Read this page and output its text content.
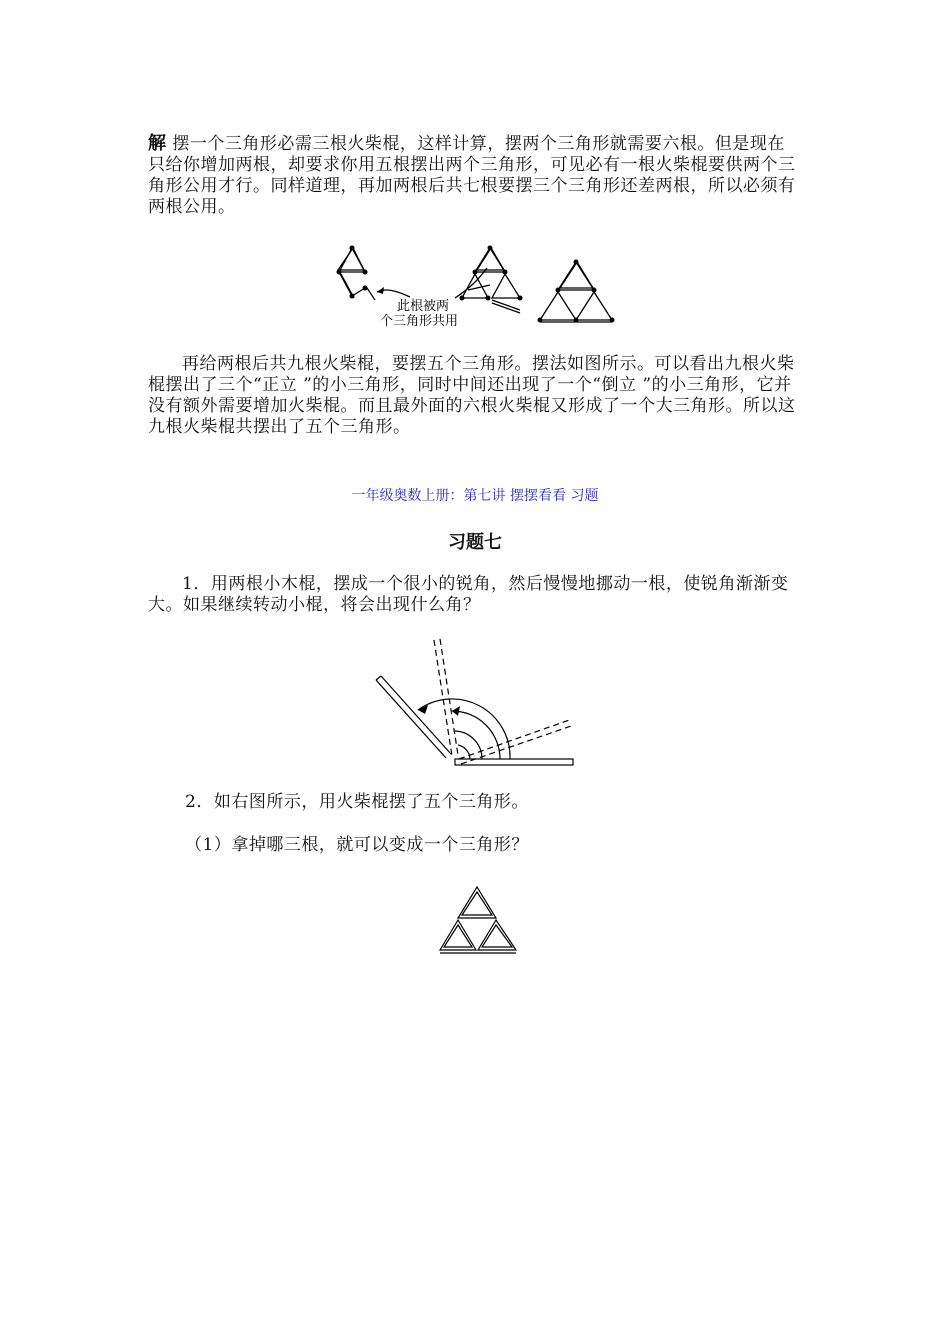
解 摆一个三角形必需三根火柴棍，这样计算，摆两个三角形就需要六根。但是现在只给你增加两根，却要求你用五根摆出两个三角形，可见必有一根火柴棍要供两个三角形公用才行。同样道理，再加两根后共七根要摆三个三角形还差两根，所以必须有两根公用。

此根被两
个三角形共用

再给两根后共九根火柴棍，要摆五个三角形。摆法如图所示。可以看出九根火柴棍摆出了三个“正立 ”的小三角形，同时中间还出现了一个“倒立 ”的小三角形，它并没有额外需要增加火柴棍。而且最外面的六根火柴棍又形成了一个大三角形。所以这九根火柴棍共摆出了五个三角形。

一年级奥数上册：第七讲 摆摆看看 习题
习题七
1．用两根小木棍，摆成一个很小的锐角，然后慢慢地挪动一根，使锐角渐渐变大。如果继续转动小棍，将会出现什么角？
2．如右图所示，用火柴棍摆了五个三角形。
（1）拿掉哪三根，就可以变成一个三角形？
